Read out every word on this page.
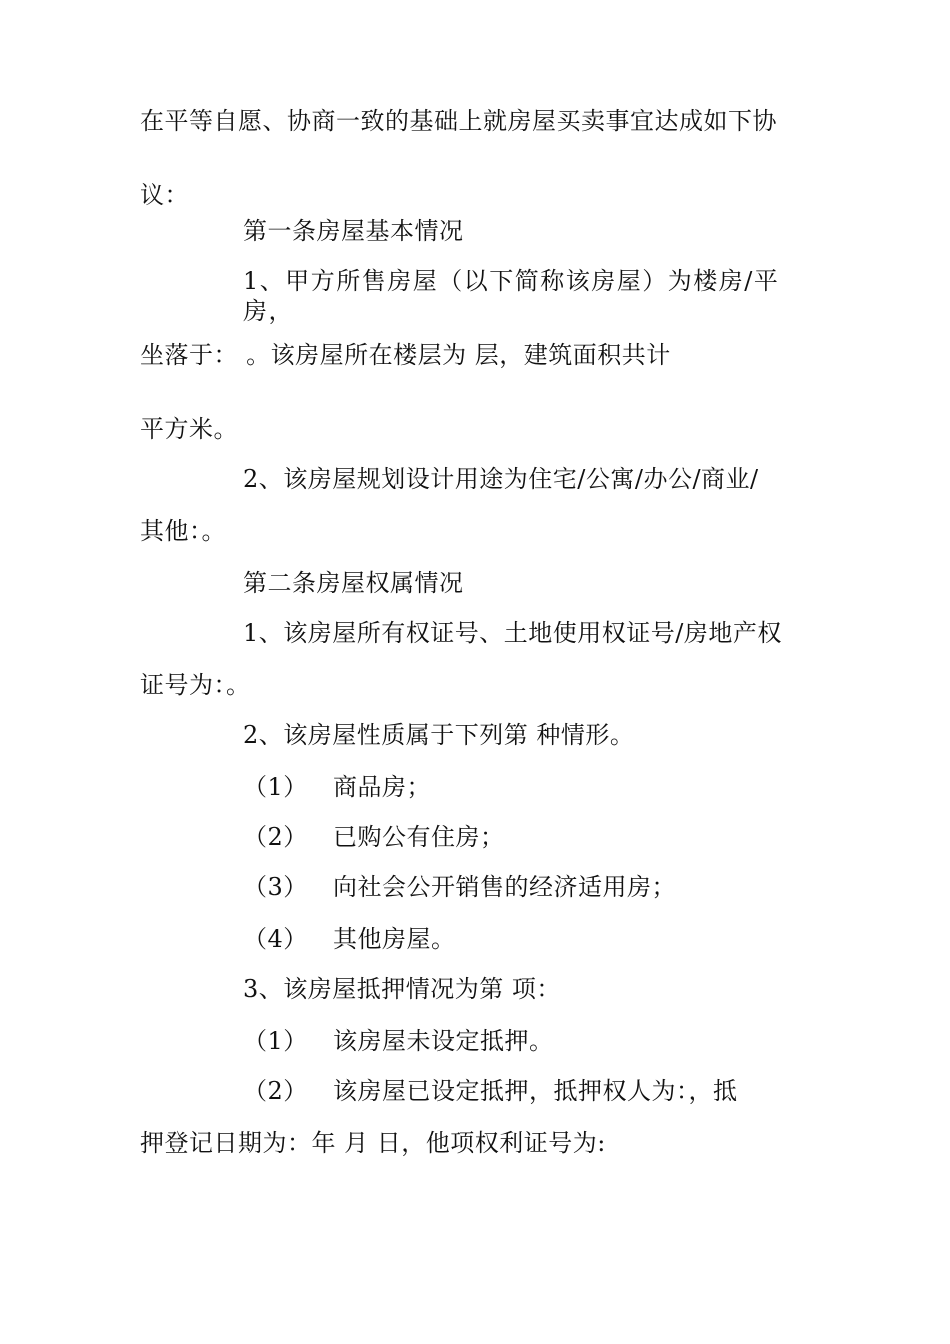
在平等自愿、协商一致的基础上就房屋买卖事宜达成如下协
议：
第一条房屋基本情况
1、甲方所售房屋（以下简称该房屋）为楼房/平房，
坐落于： 。该房屋所在楼层为 层，建筑面积共计
平方米。
2、该房屋规划设计用途为住宅/公寓/办公/商业/
其他：。
第二条房屋权属情况
1、该房屋所有权证号、土地使用权证号/房地产权
证号为：。
2、该房屋性质属于下列第 种情形。
（1） 商品房；
（2） 已购公有住房；
（3） 向社会公开销售的经济适用房；
（4） 其他房屋。
3、该房屋抵押情况为第 项：
（1） 该房屋未设定抵押。
（2） 该房屋已设定抵押，抵押权人为：，抵
押登记日期为：年 月 日，他项权利证号为:
